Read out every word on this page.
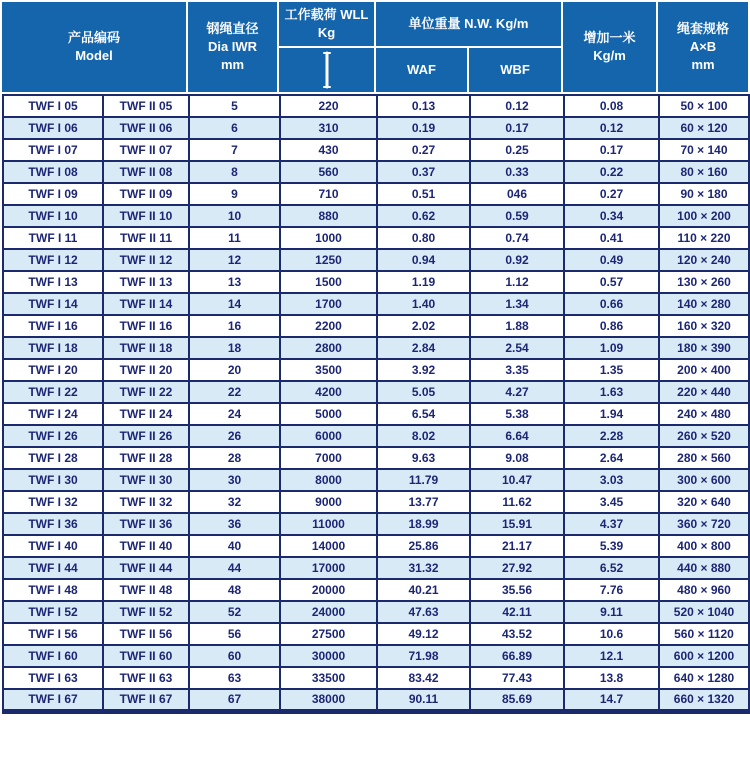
产品编码
Model
钢绳直径
Dia IWR
mm
工作载荷 WLL
Kg
单位重量 N.W. Kg/m
WAF	WBF
增加一米
Kg/m
绳套规格
A×B
mm
TWF I 05	TWF II 05	5	220	0.13	0.12	0.08	50 × 100
TWF I 06	TWF II 06	6	310	0.19	0.17	0.12	60 × 120
TWF I 07	TWF II 07	7	430	0.27	0.25	0.17	70 × 140
TWF I 08	TWF II 08	8	560	0.37	0.33	0.22	80 × 160
TWF I 09	TWF II 09	9	710	0.51	046	0.27	90 × 180
TWF I 10	TWF II 10	10	880	0.62	0.59	0.34	100 × 200
TWF I 11	TWF II 11	11	1000	0.80	0.74	0.41	110 × 220
TWF I 12	TWF II 12	12	1250	0.94	0.92	0.49	120 × 240
TWF I 13	TWF II 13	13	1500	1.19	1.12	0.57	130 × 260
TWF I 14	TWF II 14	14	1700	1.40	1.34	0.66	140 × 280
TWF I 16	TWF II 16	16	2200	2.02	1.88	0.86	160 × 320
TWF I 18	TWF II 18	18	2800	2.84	2.54	1.09	180 × 390
TWF I 20	TWF II 20	20	3500	3.92	3.35	1.35	200 × 400
TWF I 22	TWF II 22	22	4200	5.05	4.27	1.63	220 × 440
TWF I 24	TWF II 24	24	5000	6.54	5.38	1.94	240 × 480
TWF I 26	TWF II 26	26	6000	8.02	6.64	2.28	260 × 520
TWF I 28	TWF II 28	28	7000	9.63	9.08	2.64	280 × 560
TWF I 30	TWF II 30	30	8000	11.79	10.47	3.03	300 × 600
TWF I 32	TWF II 32	32	9000	13.77	11.62	3.45	320 × 640
TWF I 36	TWF II 36	36	11000	18.99	15.91	4.37	360 × 720
TWF I 40	TWF II 40	40	14000	25.86	21.17	5.39	400 × 800
TWF I 44	TWF II 44	44	17000	31.32	27.92	6.52	440 × 880
TWF I 48	TWF II 48	48	20000	40.21	35.56	7.76	480 × 960
TWF I 52	TWF II 52	52	24000	47.63	42.11	9.11	520 × 1040
TWF I 56	TWF II 56	56	27500	49.12	43.52	10.6	560 × 1120
TWF I 60	TWF II 60	60	30000	71.98	66.89	12.1	600 × 1200
TWF I 63	TWF II 63	63	33500	83.42	77.43	13.8	640 × 1280
TWF I 67	TWF II 67	67	38000	90.11	85.69	14.7	660 × 1320
